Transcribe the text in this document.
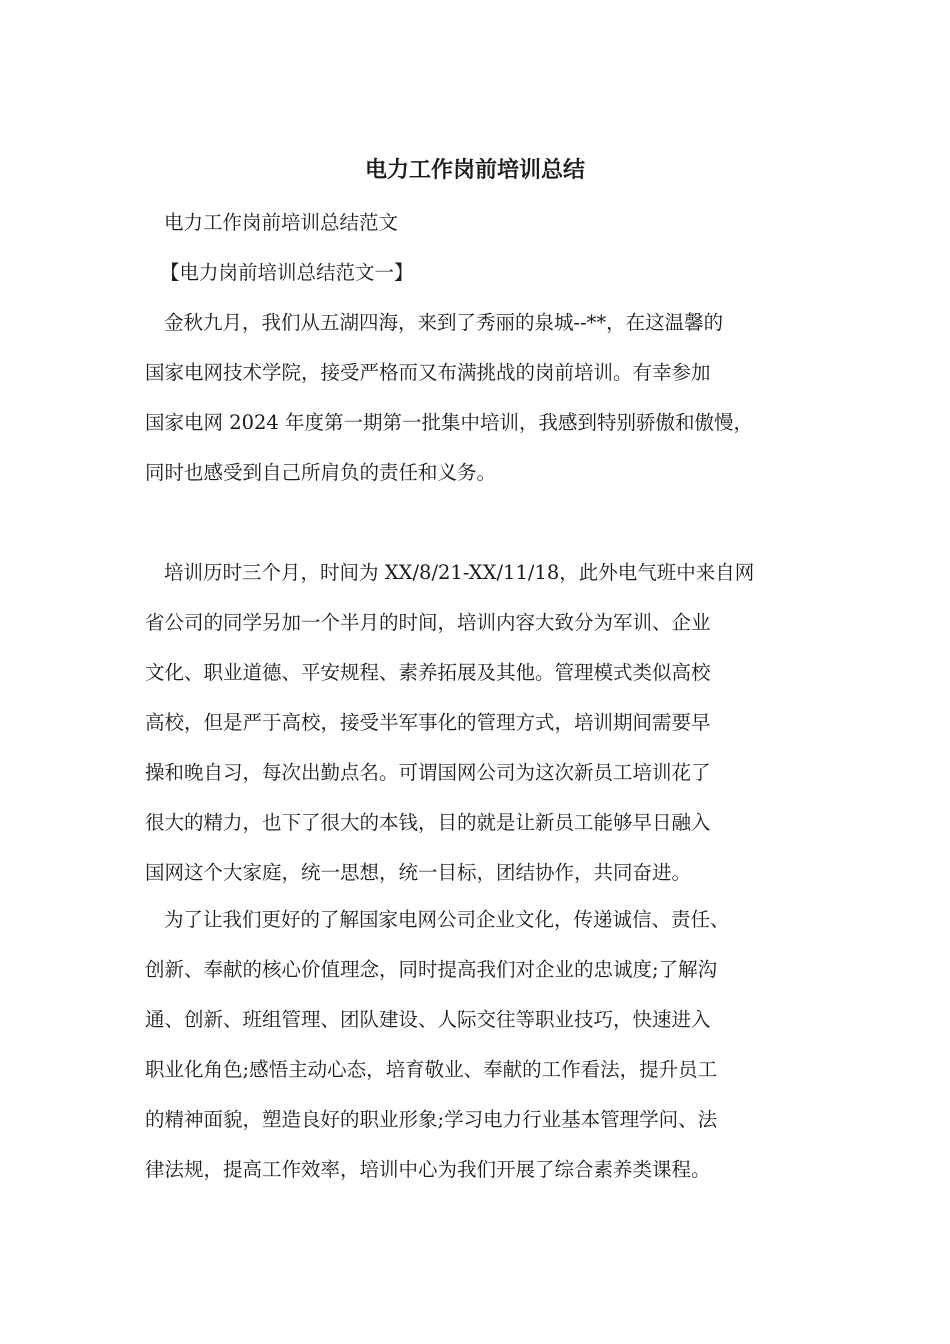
电力工作岗前培训总结

电力工作岗前培训总结范文

【电力岗前培训总结范文一】

金秋九月，我们从五湖四海，来到了秀丽的泉城--**，在这温馨的

国家电网技术学院，接受严格而又布满挑战的岗前培训。有幸参加

国家电网 2024 年度第一期第一批集中培训，我感到特别骄傲和傲慢，

同时也感受到自己所肩负的责任和义务。

培训历时三个月，时间为 XX/8/21-XX/11/18，此外电气班中来自网

省公司的同学另加一个半月的时间，培训内容大致分为军训、企业

文化、职业道德、平安规程、素养拓展及其他。管理模式类似高校

高校，但是严于高校，接受半军事化的管理方式，培训期间需要早

操和晚自习，每次出勤点名。可谓国网公司为这次新员工培训花了

很大的精力，也下了很大的本钱，目的就是让新员工能够早日融入

国网这个大家庭，统一思想，统一目标，团结协作，共同奋进。

为了让我们更好的了解国家电网公司企业文化，传递诚信、责任、

创新、奉献的核心价值理念，同时提高我们对企业的忠诚度;了解沟

通、创新、班组管理、团队建设、人际交往等职业技巧，快速进入

职业化角色;感悟主动心态，培育敬业、奉献的工作看法，提升员工

的精神面貌，塑造良好的职业形象;学习电力行业基本管理学问、法

律法规，提高工作效率，培训中心为我们开展了综合素养类课程。
